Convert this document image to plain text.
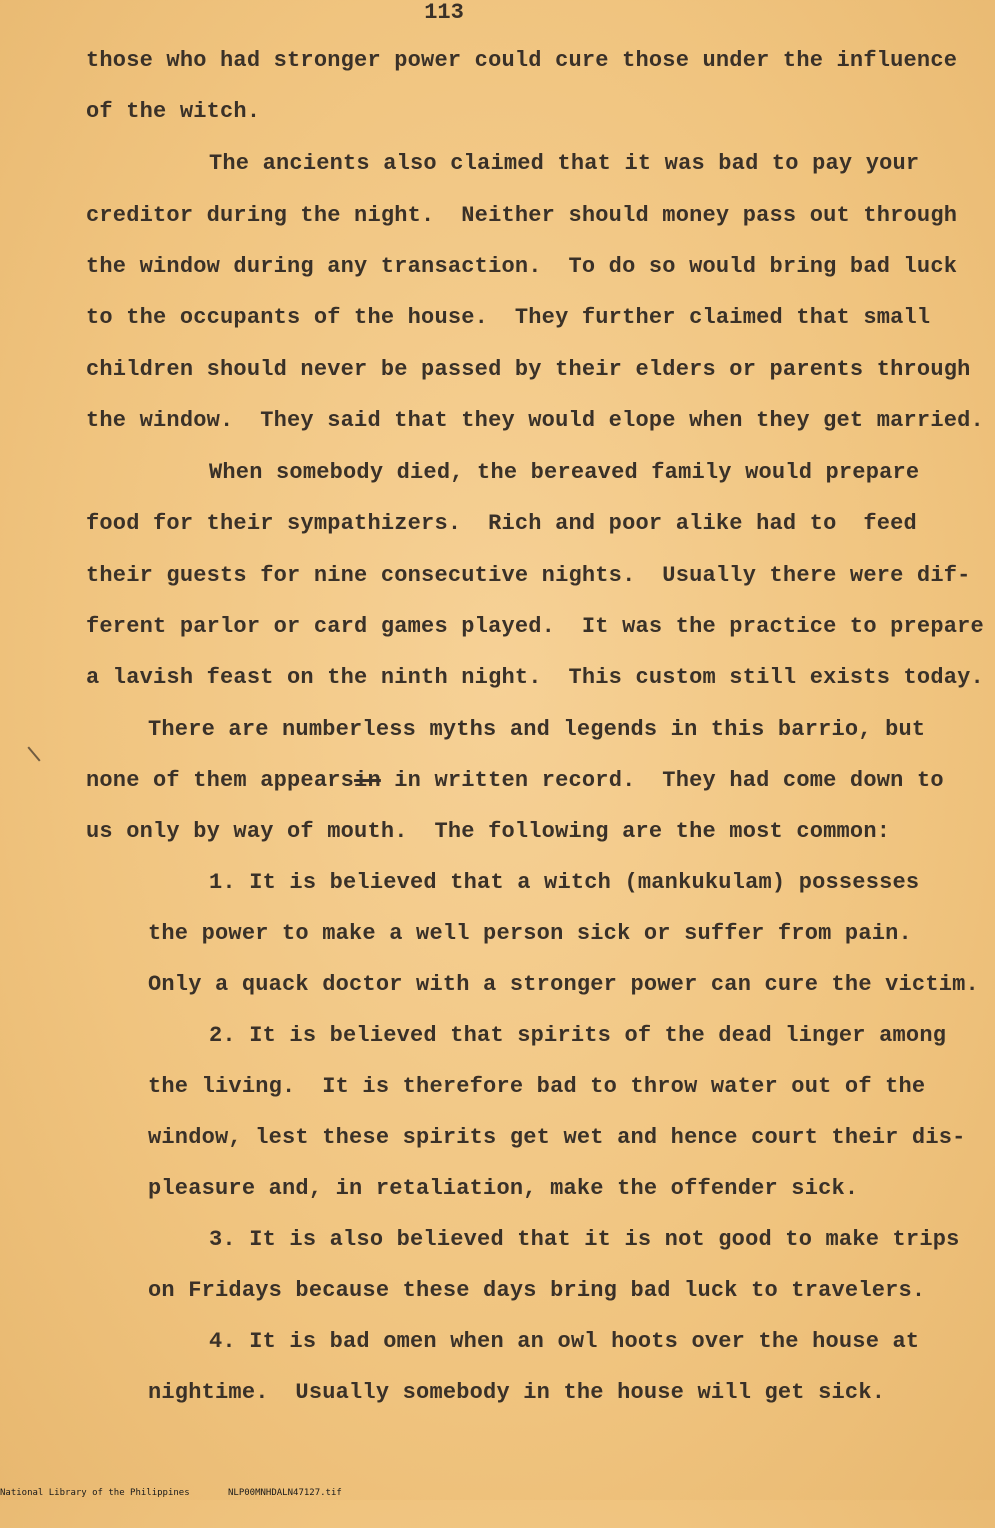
113
those who had stronger power could cure those under the influence
of the witch.
The ancients also claimed that it was bad to pay your
creditor during the night.  Neither should money pass out through
the window during any transaction.  To do so would bring bad luck
to the occupants of the house.  They further claimed that small
children should never be passed by their elders or parents through
the window.  They said that they would elope when they get married.
When somebody died, the bereaved family would prepare
food for their sympathizers.  Rich and poor alike had to  feed
their guests for nine consecutive nights.  Usually there were dif-
ferent parlor or card games played.  It was the practice to prepare
a lavish feast on the ninth night.  This custom still exists today.
There are numberless myths and legends in this barrio, but
none of them appearsin in written record.  They had come down to
us only by way of mouth.  The following are the most common:
1. It is believed that a witch (mankukulam) possesses
the power to make a well person sick or suffer from pain.
Only a quack doctor with a stronger power can cure the victim.
2. It is believed that spirits of the dead linger among
the living.  It is therefore bad to throw water out of the
window, lest these spirits get wet and hence court their dis-
pleasure and, in retaliation, make the offender sick.
3. It is also believed that it is not good to make trips
on Fridays because these days bring bad luck to travelers.
4. It is bad omen when an owl hoots over the house at
nightime.  Usually somebody in the house will get sick.

National Library of the Philippines

	NLP00MNHDALN47127.tif
